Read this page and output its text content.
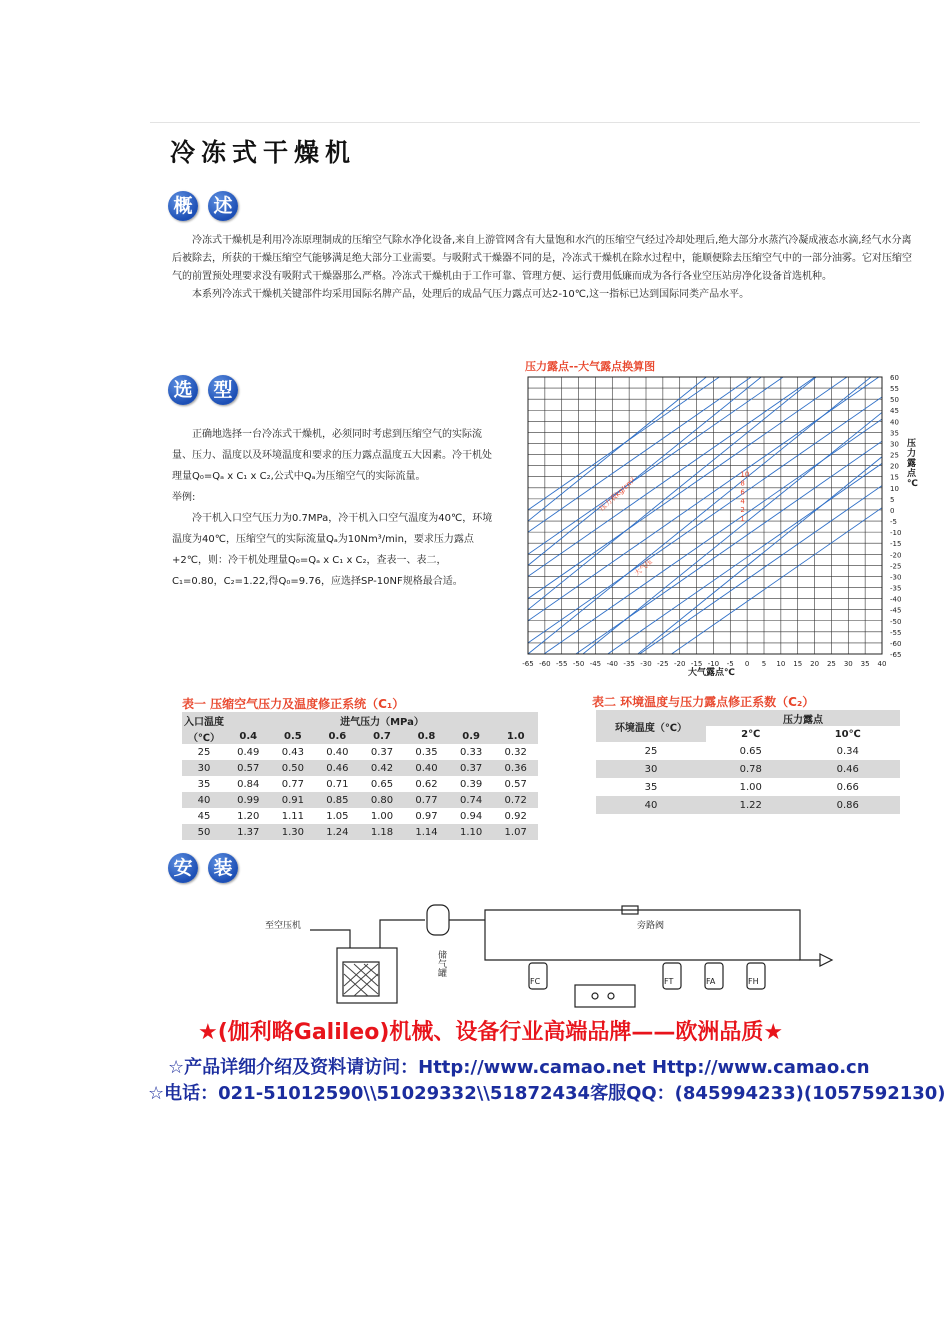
冷冻式干燥机
概 述

冷冻式干燥机是利用冷冻原理制成的压缩空气除水净化设备,来自上游管网含有大量饱和水汽的压缩空气经过冷却处理后,绝大部分水蒸汽冷凝成液态水滴,经气水分离后被除去，所获的干燥压缩空气能够满足绝大部分工业需要。与吸附式干燥器不同的是，冷冻式干燥机在除水过程中，能顺便除去压缩空气中的一部分油雾。它对压缩空气的前置预处理要求没有吸附式干燥器那么严格。冷冻式干燥机由于工作可靠、管理方便、运行费用低廉而成为各行各业空压站房净化设备首选机种。

本系列冷冻式干燥机关键部件均采用国际名牌产品，处理后的成品气压力露点可达2-10℃,这一指标已达到国际同类产品水平。

选 型

正确地选择一台冷冻式干燥机，必须同时考虑到压缩空气的实际流量、压力、温度以及环境温度和要求的压力露点温度五大因素。冷干机处理量Q₀=Qₐ x C₁ x C₂,公式中Qₐ为压缩空气的实际流量。

举例:

冷干机入口空气压力为0.7MPa，冷干机入口空气温度为40℃，环境温度为40℃，压缩空气的实际流量Qₐ为10Nm³/min，要求压力露点+2℃，则：冷干机处理量Q₀=Qₐ x C₁ x C₂，查表一、表二，C₁=0.80，C₂=1.22,得Q₀=9.76，应选择SP-10NF规格最合适。

压力露点--大气露点换算图
-65 -60 -55 -50 -45 -40 -35 -30 -25 -20 -15 -10 -5 0 5 10 15 20 25 30 35 40
60
55
50
45
40
35
30
25
20
15
10
5
0
-5
-10
-15
-20
-25
-30
-35
-40
-45
-50
-55
-60
-65
1
2
4
6
8
10
大气露点℃
压力露点℃
压力表kg/cm²
大气压
表一 压缩空气压力及温度修正系统（C₁）
入口温度	进气压力（MPa）						
（℃）	0.4	0.5	0.6	0.7	0.8	0.9	1.0
25	0.49	0.43	0.40	0.37	0.35	0.33	0.32
30	0.57	0.50	0.46	0.42	0.40	0.37	0.36
35	0.84	0.77	0.71	0.65	0.62	0.39	0.57
40	0.99	0.91	0.85	0.80	0.77	0.74	0.72
45	1.20	1.11	1.05	1.00	0.97	0.94	0.92
50	1.37	1.30	1.24	1.18	1.14	1.10	1.07
表二 环境温度与压力露点修正系数（C₂）
环境温度（℃）	压力露点	
	2℃	10℃
25	0.65	0.34
30	0.78	0.46
35	1.00	0.66
40	1.22	0.86
安 装
至空压机	旁路阀
储气罐
FC	FT	FA	FH
★(伽利略Galileo)机械、设备行业高端品牌——欧洲品质★
☆产品详细介绍及资料请访问：Http://www.camao.net Http://www.camao.cn
☆电话：021-51012590\\51029332\\51872434客服QQ：(845994233)(1057592130)
